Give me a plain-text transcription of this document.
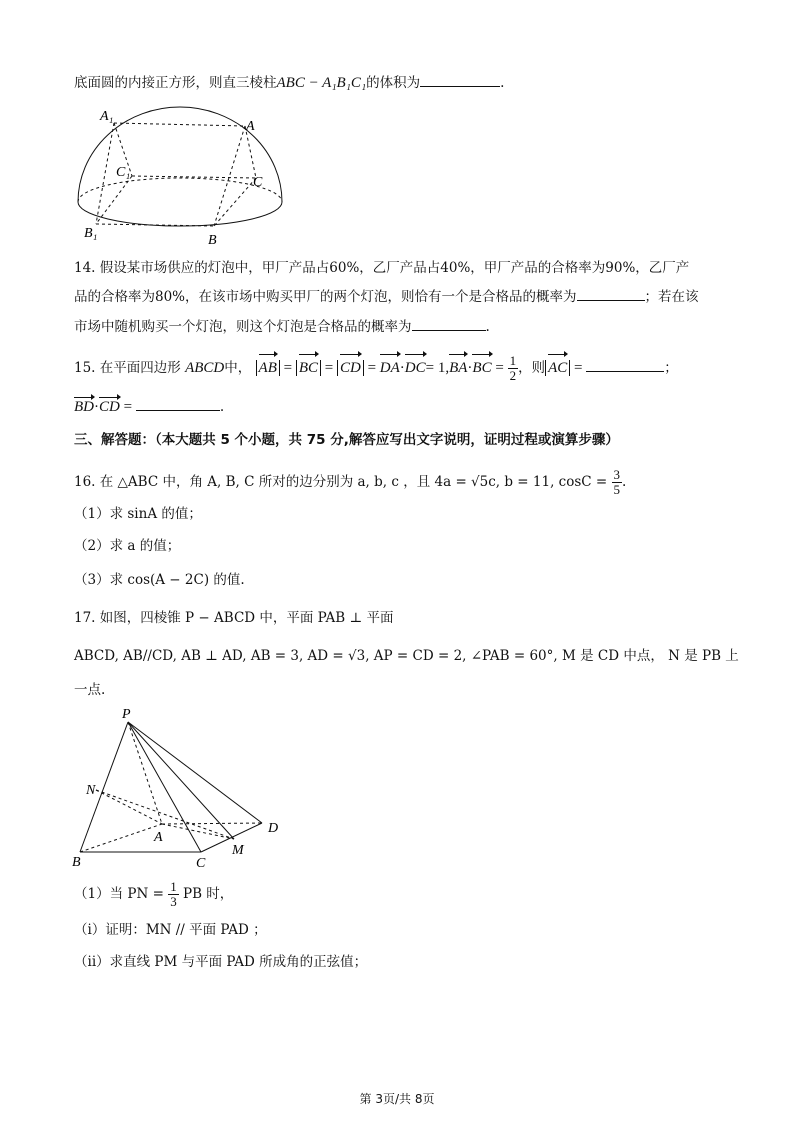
底面圆的内接正方形，则直三棱柱ABC − A₁B₁C₁的体积为	.
A₁
A
C₁
C
B₁	B
14. 假设某市场供应的灯泡中，甲厂产品占60%，乙厂产品占40%，甲厂产品的合格率为90%，乙厂产
品的合格率为80%，在该市场中购买甲厂的两个灯泡，则恰有一个是合格品的概率为	；若在该
市场中随机购买一个灯泡，则这个灯泡是合格品的概率为	.
15. 在平面四边形 ABCD中， AB = BC = CD = $DA\cdot DC= 1,BA\cdot BC = \frac{1}{2}$ ，则 AC =	；
BD·CD =	.
三、解答题：（本大题共 5 个小题，共 75 分,解答应写出文字说明，证明过程或演算步骤）
16. 在 △ABC 中，角 A, B, C 所对的边分别为 a, b, c ，且 4a = √5c, b = 11, $\cos C = \frac{3}{5}$ .
（1）求 sinA 的值；
（2）求 a 的值；
（3）求 cos(A − 2C) 的值.
17. 如图，四棱锥 P − ABCD 中，平面 PAB ⊥ 平面
ABCD, AB//CD, AB ⊥ AD, AB = 3, AD = √3, AP = CD = 2, ∠PAB = 60°, M 是 CD 中点， N 是 PB 上
一点.
P
N
A
D
M
B	C
（1）当 PN = $\frac{1}{3}$ PB 时，
（i）证明：MN // 平面 PAD ；
（ii）求直线 PM 与平面 PAD 所成角的正弦值；
第 3页/共 8页
